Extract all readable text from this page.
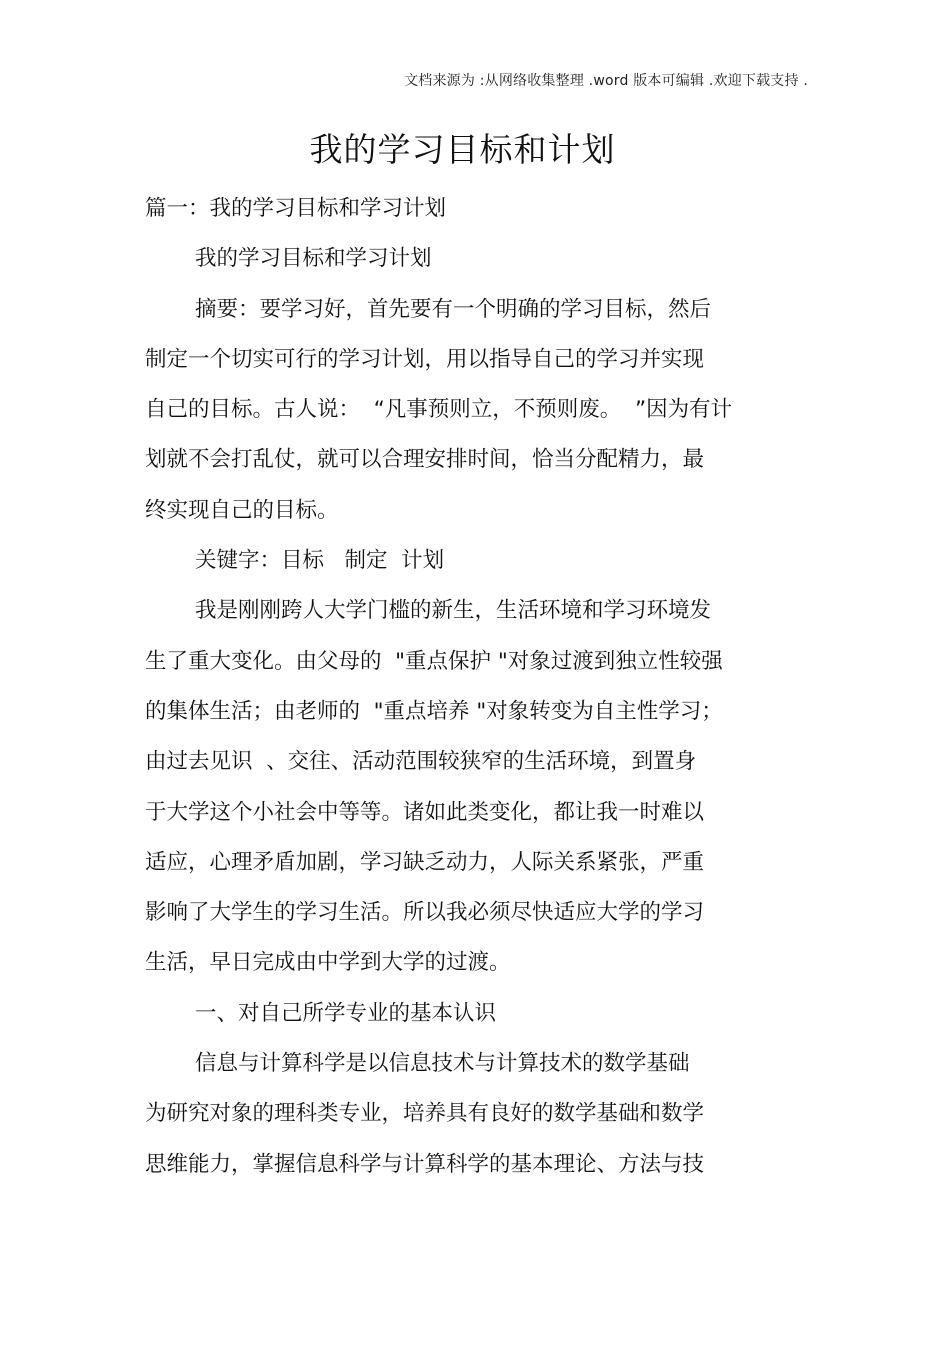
文档来源为 :从网络收集整理 .word 版本可编辑 .欢迎下载支持 .
我的学习目标和计划
篇一：我的学习目标和学习计划
我的学习目标和学习计划
摘要：要学习好，首先要有一个明确的学习目标，然后
制定一个切实可行的学习计划，用以指导自己的学习并实现
自己的目标。古人说：  “凡事预则立，不预则废。  ”因为有计
划就不会打乱仗，就可以合理安排时间，恰当分配精力，最
终实现自己的目标。
关键字：目标   制定  计划
我是刚刚跨人大学门槛的新生，生活环境和学习环境发
生了重大变化。由父母的  "重点保护 "对象过渡到独立性较强
的集体生活；由老师的  "重点培养 "对象转变为自主性学习；
由过去见识  、交往、活动范围较狭窄的生活环境，到置身
于大学这个小社会中等等。诸如此类变化，都让我一时难以
适应，心理矛盾加剧，学习缺乏动力，人际关系紧张，严重
影响了大学生的学习生活。所以我必须尽快适应大学的学习
生活，早日完成由中学到大学的过渡。
一、对自己所学专业的基本认识
信息与计算科学是以信息技术与计算技术的数学基础
为研究对象的理科类专业，培养具有良好的数学基础和数学
思维能力，掌握信息科学与计算科学的基本理论、方法与技
